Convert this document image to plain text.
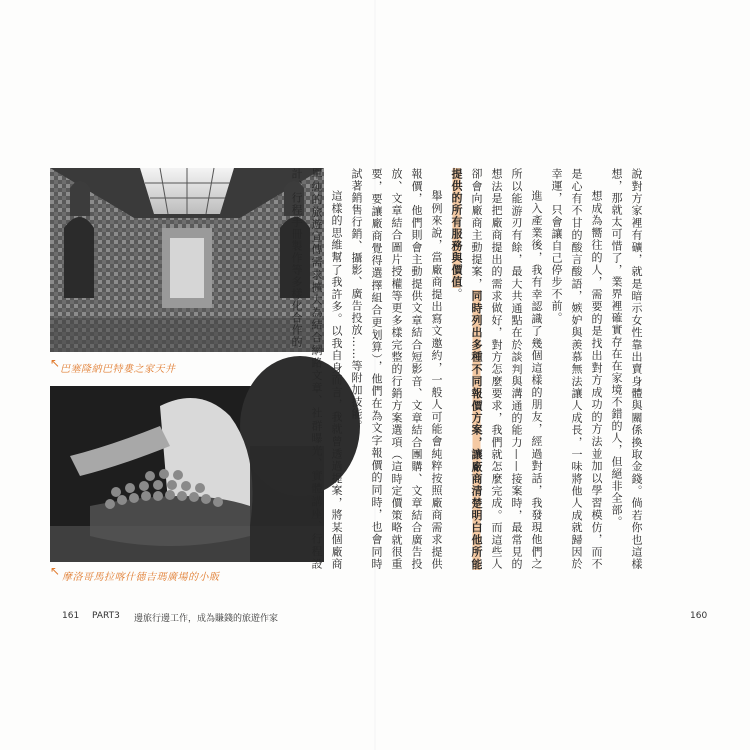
↖ 巴塞隆納巴特婁之家天井
↖ 摩洛哥馬拉喀什德吉瑪廣場的小販

說對方家裡有礦，就是暗示女性靠出賣身體與關係換取金錢。倘若你也這樣想，那就太可惜了，業界裡確實存在在家境不錯的人，但絕非全部。

想成為嚮往的人，需要的是找出對方成功的方法並加以學習模仿，而不是心有不甘的酸言酸語，嫉妒與羨慕無法讓人成長，一味將他人成就歸因於幸運，只會讓自己停步不前。

進入產業後，我有幸認識了幾個這樣的朋友，經過對話，我發現他們之所以能游刃有餘，最大共通點在於談判與溝通的能力——接案時，最常見的想法是把廠商提出的需求做好，對方怎麼要求，我們就怎麼完成。而這些人卻會向廠商主動提案，同時列出多種不同報價方案，讓廠商清楚明白他所能提供的所有服務與價值。

舉例來說，當廠商提出寫文邀約，一般人可能會純粹按照廠商需求提供報價，他們則會主動提供文章結合短影音、文章結合團購、文章結合廣告投放、文章結合圖片授權等更多樣完整的行銷方案選項（這時定價策略就很重要，要讓廠商覺得選擇組合更划算），他們在為文字報價的同時，也會同時試著銷售行銷、攝影、廣告投放……等附加技能。

這樣的思維幫了我許多。以我自身而言，我就曾透過提案，將某個廠商單純的旅遊宣傳需求擴大為結合網路文章、社群曝光、實體講座、行程設計、行程手冊製作等多樣化合作的

161 PART3 邊旅行邊工作，成為賺錢的旅遊作家	160
